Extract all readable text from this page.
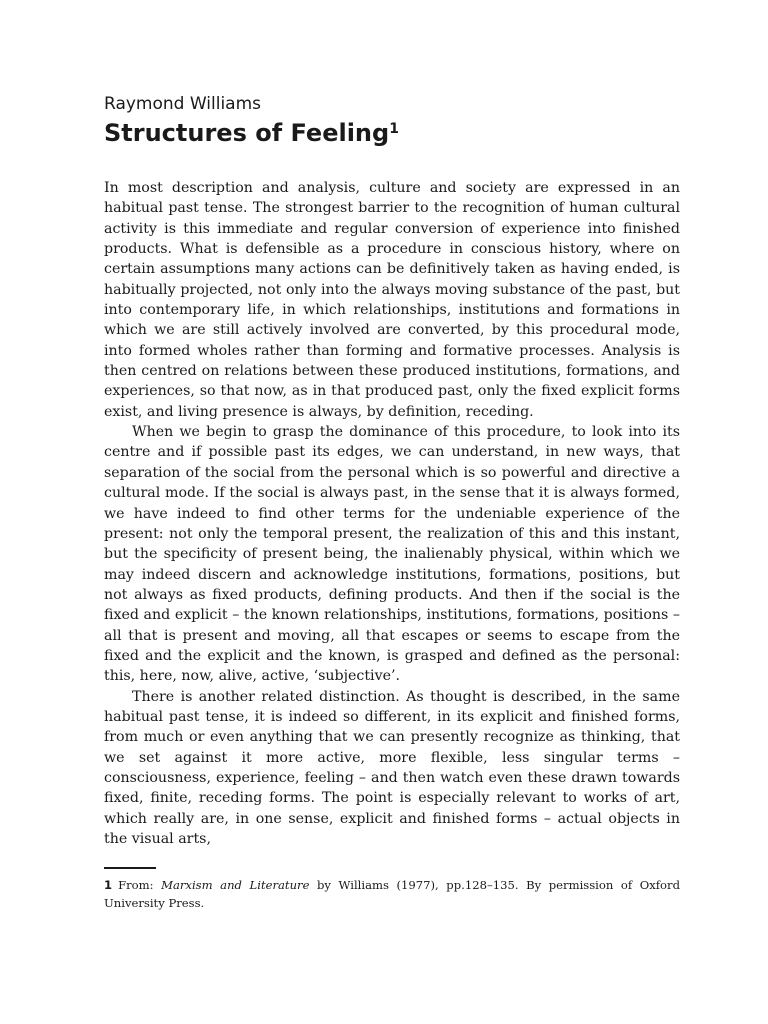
Raymond Williams
Structures of Feeling$^1$

In most description and analysis, culture and society are expressed in an habitual past tense. The strongest barrier to the recognition of human cultural activity is this immediate and regular conversion of experience into finished products. What is defensible as a procedure in conscious history, where on certain assumptions many actions can be definitively taken as having ended, is habitually projected, not only into the always moving substance of the past, but into contemporary life, in which relationships, institutions and formations in which we are still actively involved are converted, by this procedural mode, into formed wholes rather than forming and formative processes. Analysis is then centred on relations between these produced institutions, formations, and experiences, so that now, as in that produced past, only the fixed explicit forms exist, and living presence is always, by definition, receding.

When we begin to grasp the dominance of this procedure, to look into its centre and if possible past its edges, we can understand, in new ways, that separation of the social from the personal which is so powerful and directive a cultural mode. If the social is always past, in the sense that it is always formed, we have indeed to find other terms for the undeniable experience of the present: not only the temporal present, the realization of this and this instant, but the specificity of present being, the inalienably physical, within which we may indeed discern and acknowledge institutions, formations, positions, but not always as fixed products, defining products. And then if the social is the fixed and explicit – the known relationships, institutions, formations, positions – all that is present and moving, all that escapes or seems to escape from the fixed and the explicit and the known, is grasped and defined as the personal: this, here, now, alive, active, ‘subjective’.

There is another related distinction. As thought is described, in the same habitual past tense, it is indeed so different, in its explicit and finished forms, from much or even anything that we can presently recognize as thinking, that we set against it more active, more flexible, less singular terms – consciousness, experience, feeling – and then watch even these drawn towards fixed, finite, receding forms. The point is especially relevant to works of art, which really are, in one sense, explicit and finished forms – actual objects in the visual arts,

1 From: Marxism and Literature by Williams (1977), pp.128–135. By permission of Oxford University Press.
